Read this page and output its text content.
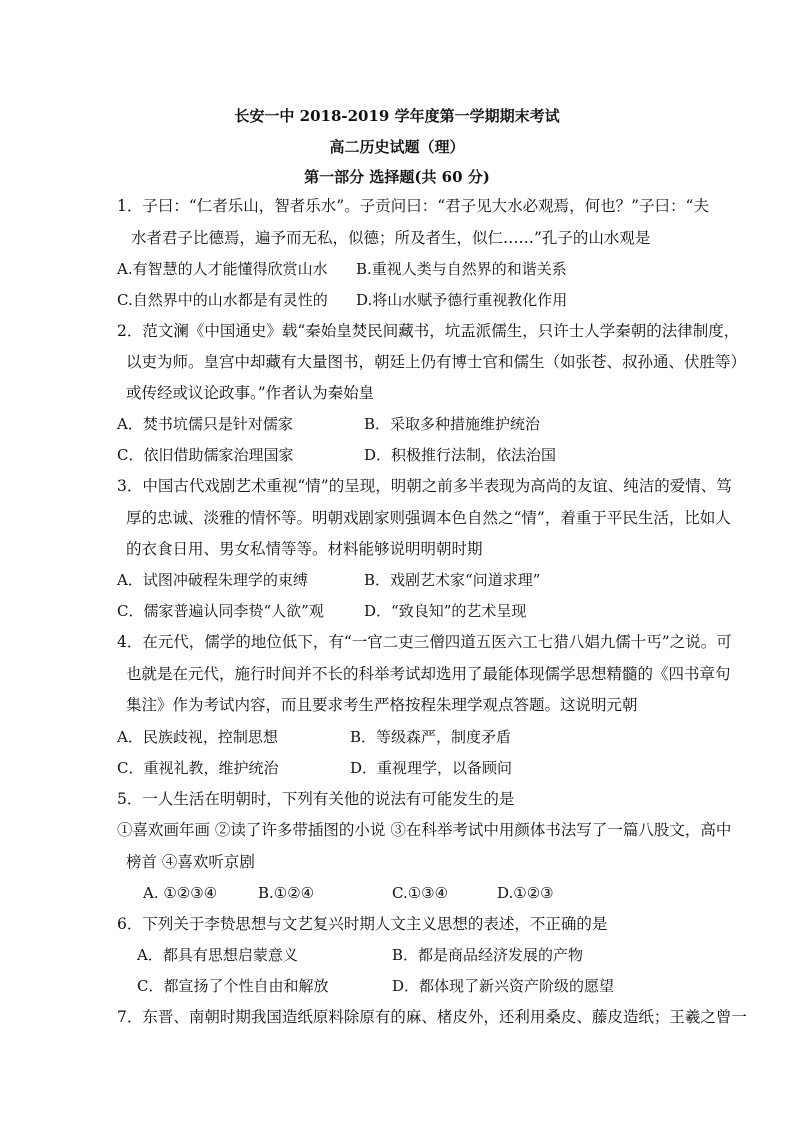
长安一中 2018-2019 学年度第一学期期末考试
高二历史试题（理）
第一部分 选择题(共 60 分)
1．子曰：“仁者乐山，智者乐水”。子贡问曰：“君子见大水必观焉，何也？”子曰：“夫
水者君子比德焉，遍予而无私，似德；所及者生，似仁……”孔子的山水观是
A.有智慧的人才能懂得欣赏山水 B.重视人类与自然界的和谐关系
C.自然界中的山水都是有灵性的 D.将山水赋予德行重视教化作用
2．范文澜《中国通史》载“秦始皇焚民间藏书，坑盂派儒生，只许士人学秦朝的法律制度，
以吏为师。皇宫中却藏有大量图书，朝廷上仍有博士官和儒生（如张苍、叔孙通、伏胜等）
或传经或议论政事。”作者认为秦始皇
A．焚书坑儒只是针对儒家	B．采取多种措施维护统治
C．依旧借助儒家治理国家	D．积极推行法制，依法治国
3．中国古代戏剧艺术重视“情”的呈现，明朝之前多半表现为高尚的友谊、纯洁的爱情、笃
厚的忠诚、淡雅的情怀等。明朝戏剧家则强调本色自然之“情”，着重于平民生活，比如人
的衣食日用、男女私情等等。材料能够说明明朝时期
A．试图冲破程朱理学的束缚	B．戏剧艺术家“问道求理”
C．儒家普遍认同李贽“人欲”观	D．“致良知”的艺术呈现
4．在元代，儒学的地位低下，有“一官二吏三僧四道五医六工七猎八娼九儒十丐”之说。可
也就是在元代，施行时间并不长的科举考试却选用了最能体现儒学思想精髓的《四书章句
集注》作为考试内容，而且要求考生严格按程朱理学观点答题。这说明元朝
A．民族歧视，控制思想	B．等级森严，制度矛盾
C．重视礼教，维护统治	D．重视理学，以备顾问
5．一人生活在明朝时，下列有关他的说法有可能发生的是
①喜欢画年画 ②读了许多带插图的小说 ③在科举考试中用颜体书法写了一篇八股文，高中
榜首 ④喜欢听京剧
A. ①②③④	B.①②④	C.①③④	D.①②③
6．下列关于李贽思想与文艺复兴时期人文主义思想的表述，不正确的是
A．都具有思想启蒙意义	B．都是商品经济发展的产物
C．都宣扬了个性自由和解放	D．都体现了新兴资产阶级的愿望
7．东晋、南朝时期我国造纸原料除原有的麻、楮皮外，还利用桑皮、藤皮造纸；王羲之曾一
